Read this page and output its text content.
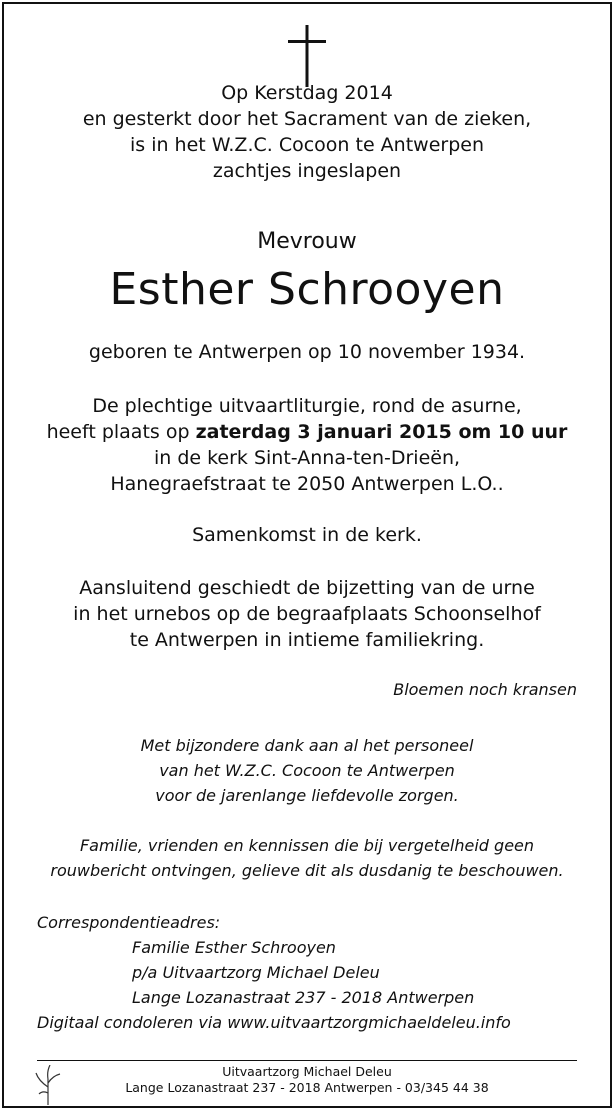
Op Kerstdag 2014
en gesterkt door het Sacrament van de zieken,
is in het W.Z.C. Cocoon te Antwerpen
zachtjes ingeslapen
Mevrouw
Esther Schrooyen
geboren te Antwerpen op 10 november 1934.
De plechtige uitvaartliturgie, rond de asurne,
heeft plaats op zaterdag 3 januari 2015 om 10 uur
in de kerk Sint-Anna-ten-Drieën,
Hanegraefstraat te 2050 Antwerpen L.O..
Samenkomst in de kerk.
Aansluitend geschiedt de bijzetting van de urne
in het urnebos op de begraafplaats Schoonselhof
te Antwerpen in intieme familiekring.
Bloemen noch kransen
Met bijzondere dank aan al het personeel
van het W.Z.C. Cocoon te Antwerpen
voor de jarenlange liefdevolle zorgen.
Familie, vrienden en kennissen die bij vergetelheid geen
rouwbericht ontvingen, gelieve dit als dusdanig te beschouwen.
Correspondentieadres:
Familie Esther Schrooyen
p/a Uitvaartzorg Michael Deleu
Lange Lozanastraat 237 - 2018 Antwerpen
Digitaal condoleren via www.uitvaartzorgmichaeldeleu.info
Uitvaartzorg Michael Deleu
Lange Lozanastraat 237 - 2018 Antwerpen - 03/345 44 38
